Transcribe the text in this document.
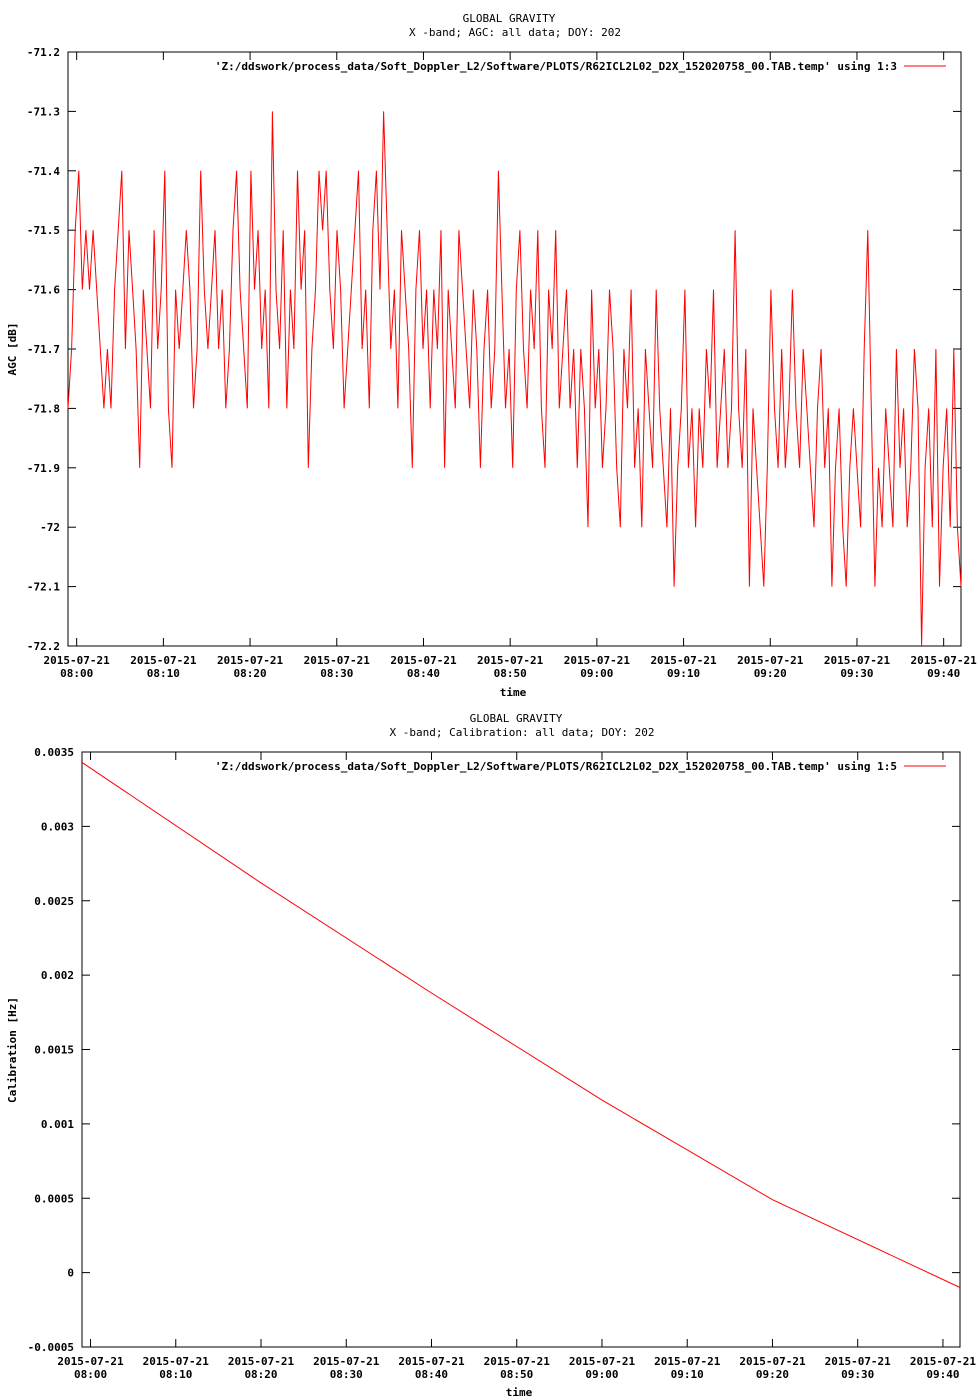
GLOBAL GRAVITY
X -band; AGC: all data; DOY: 202
-71.2
-71.3
-71.4
-71.5
-71.6
-71.7
-71.8
-71.9
-72
-72.1
-72.2
2015-07-21
08:00
2015-07-21
08:10
2015-07-21
08:20
2015-07-21
08:30
2015-07-21
08:40
2015-07-21
08:50
2015-07-21
09:00
2015-07-21
09:10
2015-07-21
09:20
2015-07-21
09:30
2015-07-21
09:40
AGC [dB]
time
'Z:/ddswork/process_data/Soft_Doppler_L2/Software/PLOTS/R62ICL2L02_D2X_152020758_00.TAB.temp' using 1:3
GLOBAL GRAVITY
X -band; Calibration: all data; DOY: 202
0.0035
0.003
0.0025
0.002
0.0015
0.001
0.0005
0
-0.0005
2015-07-21
08:00
2015-07-21
08:10
2015-07-21
08:20
2015-07-21
08:30
2015-07-21
08:40
2015-07-21
08:50
2015-07-21
09:00
2015-07-21
09:10
2015-07-21
09:20
2015-07-21
09:30
2015-07-21
09:40
Calibration [Hz]
time
'Z:/ddswork/process_data/Soft_Doppler_L2/Software/PLOTS/R62ICL2L02_D2X_152020758_00.TAB.temp' using 1:5
